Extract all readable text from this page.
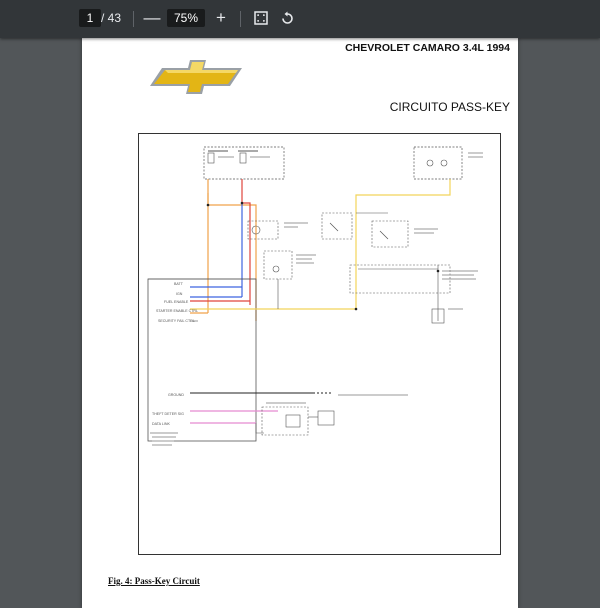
1 / 43 —	75%	+
CHEVROLET CAMARO 3.4L 1994
CIRCUITO PASS-KEY
Fig. 4: Pass-Key Circuit
BATT
IGN
FUEL ENABLE
STARTER ENABLE CTRL
SECURITY FAIL CTRL
GROUND
THEFT DETER SIG
DATA LINK
